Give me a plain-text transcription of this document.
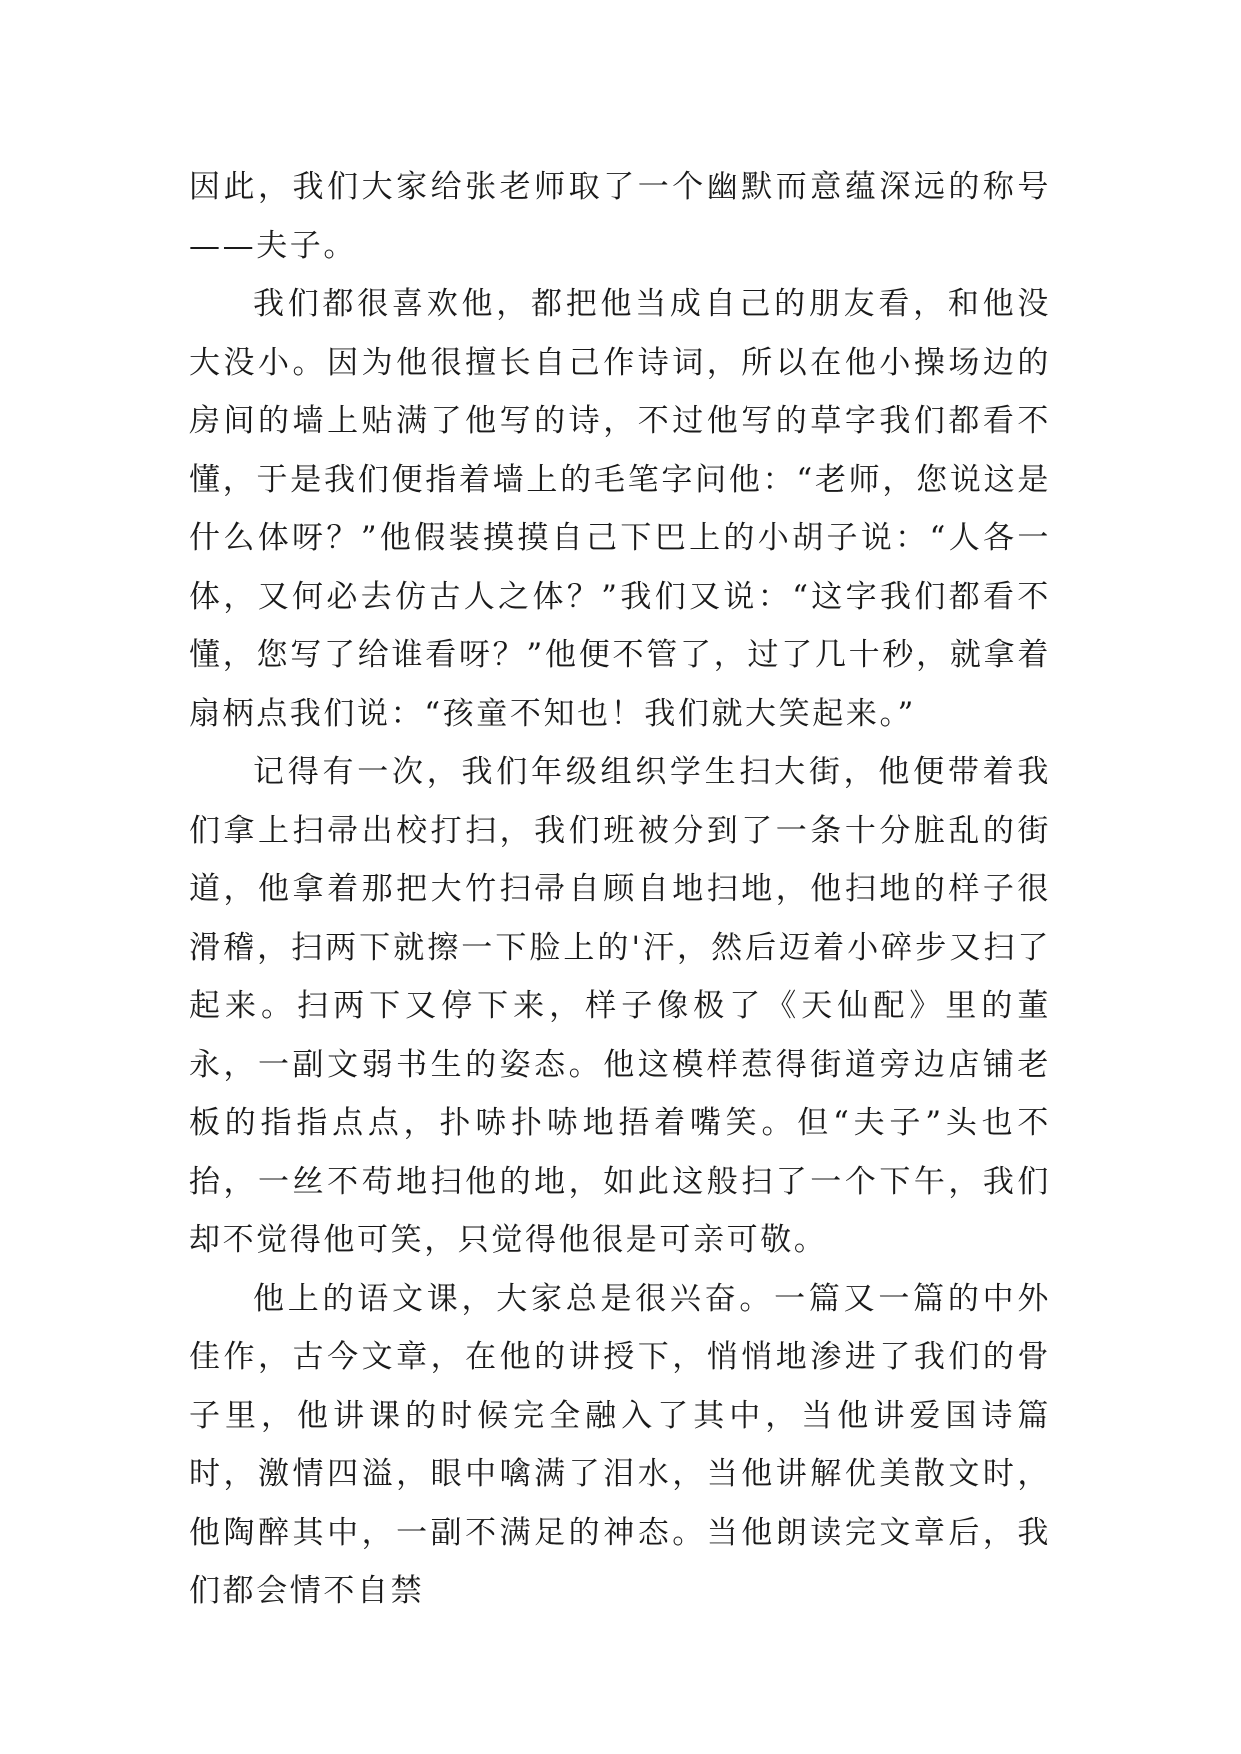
因此，我们大家给张老师取了一个幽默而意蕴深远的称号——夫子。

我们都很喜欢他，都把他当成自己的朋友看，和他没大没小。因为他很擅长自己作诗词，所以在他小操场边的房间的墙上贴满了他写的诗，不过他写的草字我们都看不懂，于是我们便指着墙上的毛笔字问他：“老师，您说这是什么体呀？”他假装摸摸自己下巴上的小胡子说：“人各一体，又何必去仿古人之体？”我们又说：“这字我们都看不懂，您写了给谁看呀？”他便不管了，过了几十秒，就拿着扇柄点我们说：“孩童不知也！我们就大笑起来。”

记得有一次，我们年级组织学生扫大街，他便带着我们拿上扫帚出校打扫，我们班被分到了一条十分脏乱的街道，他拿着那把大竹扫帚自顾自地扫地，他扫地的样子很滑稽，扫两下就擦一下脸上的'汗，然后迈着小碎步又扫了起来。扫两下又停下来，样子像极了《天仙配》里的董永，一副文弱书生的姿态。他这模样惹得街道旁边店铺老板的指指点点，扑哧扑哧地捂着嘴笑。但“夫子”头也不抬，一丝不苟地扫他的地，如此这般扫了一个下午，我们却不觉得他可笑，只觉得他很是可亲可敬。

他上的语文课，大家总是很兴奋。一篇又一篇的中外佳作，古今文章，在他的讲授下，悄悄地渗进了我们的骨子里，他讲课的时候完全融入了其中，当他讲爱国诗篇时，激情四溢，眼中噙满了泪水，当他讲解优美散文时，他陶醉其中，一副不满足的神态。当他朗读完文章后，我们都会情不自禁
